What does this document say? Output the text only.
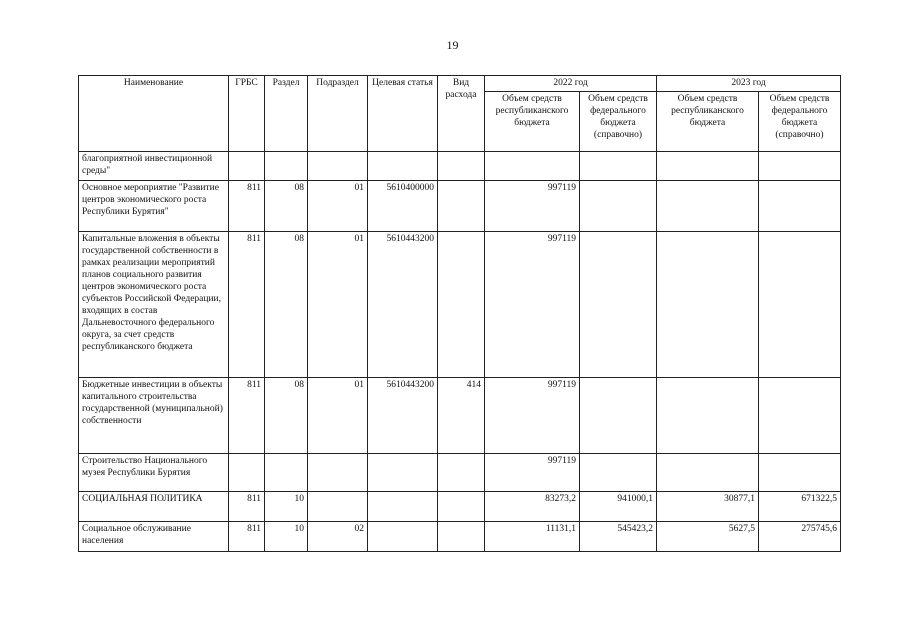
19
Наименование	ГРБС	Раздел	Подраздел	Целевая статья	Вид расхода	2022 год		2023 год	
						Объем средств республиканского бюджета	Объем средств федерального бюджета (справочно)	Объем средств республиканского бюджета	Объем средств федерального бюджета (справочно)
благоприятной инвестиционной среды"									
Основное мероприятие "Развитие центров экономического роста Республики Бурятия"	811	08	01	5610400000		997119			
Капитальные вложения в объекты государственной собственности в рамках реализации мероприятий планов социального развития центров экономического роста субъектов Российской Федерации, входящих в состав Дальневосточного федерального округа, за счет средств республиканского бюджета	811	08	01	5610443200		997119			
Бюджетные инвестиции в объекты капитального строительства государственной (муниципальной) собственности	811	08	01	5610443200	414	997119			
Строительство Национального музея Республики Бурятия						997119			
СОЦИАЛЬНАЯ ПОЛИТИКА	811	10				83273,2	941000,1	30877,1	671322,5
Социальное обслуживание населения	811	10	02			11131,1	545423,2	5627,5	275745,6
